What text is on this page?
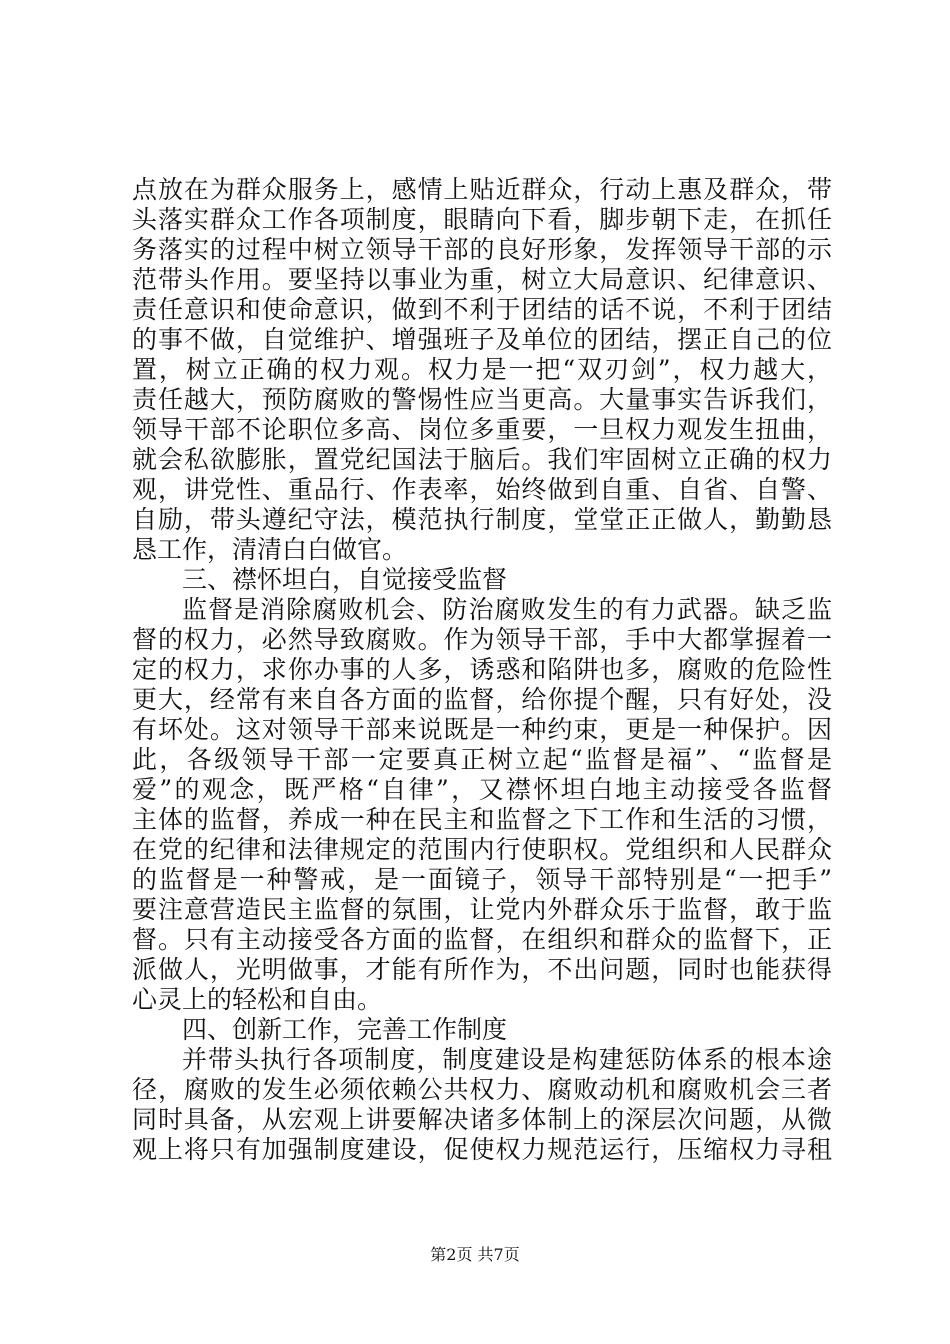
点放在为群众服务上，感情上贴近群众，行动上惠及群众，带
头落实群众工作各项制度，眼睛向下看，脚步朝下走，在抓任
务落实的过程中树立领导干部的良好形象，发挥领导干部的示
范带头作用。要坚持以事业为重，树立大局意识、纪律意识、
责任意识和使命意识，做到不利于团结的话不说，不利于团结
的事不做，自觉维护、增强班子及单位的团结，摆正自己的位
置，树立正确的权力观。权力是一把“双刃剑”，权力越大，
责任越大，预防腐败的警惕性应当更高。大量事实告诉我们，
领导干部不论职位多高、岗位多重要，一旦权力观发生扭曲，
就会私欲膨胀，置党纪国法于脑后。我们牢固树立正确的权力
观，讲党性、重品行、作表率，始终做到自重、自省、自警、
自励，带头遵纪守法，模范执行制度，堂堂正正做人，勤勤恳
恳工作，清清白白做官。
三、襟怀坦白，自觉接受监督
监督是消除腐败机会、防治腐败发生的有力武器。缺乏监
督的权力，必然导致腐败。作为领导干部，手中大都掌握着一
定的权力，求你办事的人多，诱惑和陷阱也多，腐败的危险性
更大，经常有来自各方面的监督，给你提个醒，只有好处，没
有坏处。这对领导干部来说既是一种约束，更是一种保护。因
此，各级领导干部一定要真正树立起“监督是福”、“监督是
爱”的观念，既严格“自律”，又襟怀坦白地主动接受各监督
主体的监督，养成一种在民主和监督之下工作和生活的习惯，
在党的纪律和法律规定的范围内行使职权。党组织和人民群众
的监督是一种警戒，是一面镜子，领导干部特别是“一把手”
要注意营造民主监督的氛围，让党内外群众乐于监督，敢于监
督。只有主动接受各方面的监督，在组织和群众的监督下，正
派做人，光明做事，才能有所作为，不出问题，同时也能获得
心灵上的轻松和自由。
四、创新工作，完善工作制度
并带头执行各项制度，制度建设是构建惩防体系的根本途
径，腐败的发生必须依赖公共权力、腐败动机和腐败机会三者
同时具备，从宏观上讲要解决诸多体制上的深层次问题，从微
观上将只有加强制度建设，促使权力规范运行，压缩权力寻租
第2页 共7页
